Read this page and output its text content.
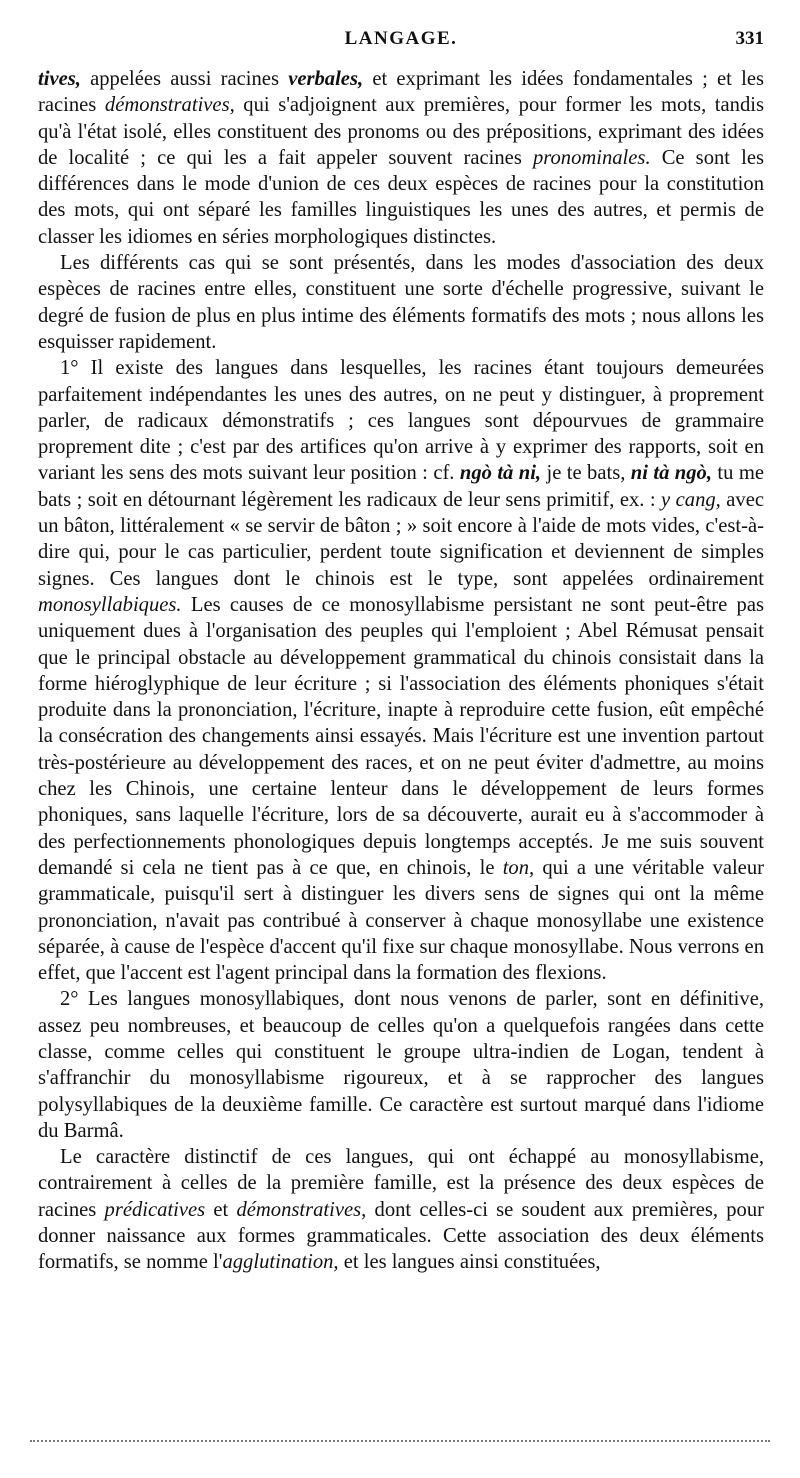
LANGAGE.	331

tives, appelées aussi racines verbales, et exprimant les idées fondamentales ; et les racines démonstratives, qui s'adjoignent aux premières, pour former les mots, tandis qu'à l'état isolé, elles constituent des pronoms ou des prépositions, exprimant des idées de localité ; ce qui les a fait appeler souvent racines pronominales. Ce sont les différences dans le mode d'union de ces deux espèces de racines pour la constitution des mots, qui ont séparé les familles linguistiques les unes des autres, et permis de classer les idiomes en séries morphologiques distinctes.

Les différents cas qui se sont présentés, dans les modes d'association des deux espèces de racines entre elles, constituent une sorte d'échelle progressive, suivant le degré de fusion de plus en plus intime des éléments formatifs des mots ; nous allons les esquisser rapidement.

1° Il existe des langues dans lesquelles, les racines étant toujours demeurées parfaitement indépendantes les unes des autres, on ne peut y distinguer, à proprement parler, de radicaux démonstratifs ; ces langues sont dépourvues de grammaire proprement dite ; c'est par des artifices qu'on arrive à y exprimer des rapports, soit en variant les sens des mots suivant leur position : cf. ngò tà ni, je te bats, ni tà ngò, tu me bats ; soit en détournant légèrement les radicaux de leur sens primitif, ex. : y cang, avec un bâton, littéralement « se servir de bâton ; » soit encore à l'aide de mots vides, c'est-à-dire qui, pour le cas particulier, perdent toute signification et deviennent de simples signes. Ces langues dont le chinois est le type, sont appelées ordinairement monosyllabiques. Les causes de ce monosyllabisme persistant ne sont peut-être pas uniquement dues à l'organisation des peuples qui l'emploient ; Abel Rémusat pensait que le principal obstacle au développement grammatical du chinois consistait dans la forme hiéroglyphique de leur écriture ; si l'association des éléments phoniques s'était produite dans la prononciation, l'écriture, inapte à reproduire cette fusion, eût empêché la consécration des changements ainsi essayés. Mais l'écriture est une invention partout très-postérieure au développement des races, et on ne peut éviter d'admettre, au moins chez les Chinois, une certaine lenteur dans le développement de leurs formes phoniques, sans laquelle l'écriture, lors de sa découverte, aurait eu à s'accommoder à des perfectionnements phonologiques depuis longtemps acceptés. Je me suis souvent demandé si cela ne tient pas à ce que, en chinois, le ton, qui a une véritable valeur grammaticale, puisqu'il sert à distinguer les divers sens de signes qui ont la même prononciation, n'avait pas contribué à conserver à chaque monosyllabe une existence séparée, à cause de l'espèce d'accent qu'il fixe sur chaque monosyllabe. Nous verrons en effet, que l'accent est l'agent principal dans la formation des flexions.

2° Les langues monosyllabiques, dont nous venons de parler, sont en définitive, assez peu nombreuses, et beaucoup de celles qu'on a quelquefois rangées dans cette classe, comme celles qui constituent le groupe ultra-indien de Logan, tendent à s'affranchir du monosyllabisme rigoureux, et à se rapprocher des langues polysyllabiques de la deuxième famille. Ce caractère est surtout marqué dans l'idiome du Barmâ.

Le caractère distinctif de ces langues, qui ont échappé au monosyllabisme, contrairement à celles de la première famille, est la présence des deux espèces de racines prédicatives et démonstratives, dont celles-ci se soudent aux premières, pour donner naissance aux formes grammaticales. Cette association des deux éléments formatifs, se nomme l'agglutination, et les langues ainsi constituées,
